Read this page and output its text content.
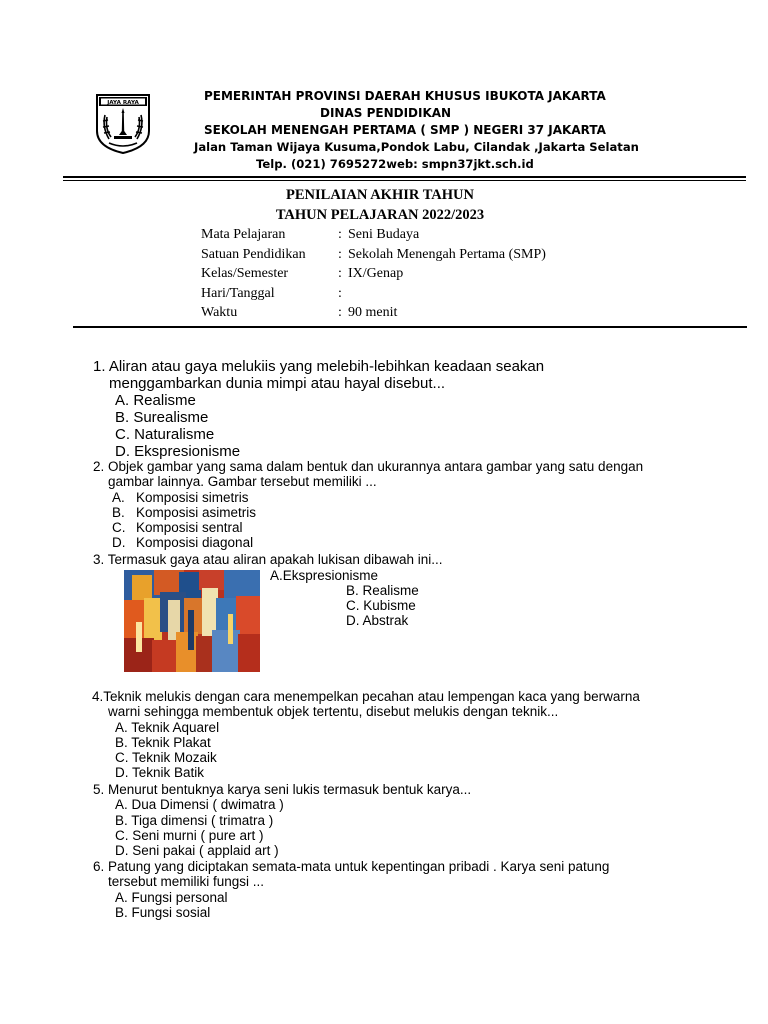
JAYA RAYA	PEMERINTAH PROVINSI DAERAH KHUSUS IBUKOTA JAKARTA
DINAS PENDIDIKAN
SEKOLAH MENENGAH PERTAMA ( SMP ) NEGERI 37 JAKARTA
Jalan Taman Wijaya Kusuma,Pondok Labu, Cilandak ,Jakarta Selatan
Telp. (021) 7695272web: smpn37jkt.sch.id
PENILAIAN AKHIR TAHUN
TAHUN PELAJARAN 2022/2023
Mata Pelajaran	: Seni Budaya
Satuan Pendidikan	: Sekolah Menengah Pertama (SMP)
Kelas/Semester	: IX/Genap
Hari/Tanggal	:
Waktu	: 90 menit
1. Aliran atau gaya melukiis yang melebih-lebihkan keadaan seakan
menggambarkan dunia mimpi atau hayal disebut...
A. Realisme
B. Surealisme
C. Naturalisme
D. Ekspresionisme
2. Objek gambar yang sama dalam bentuk dan ukurannya antara gambar yang satu dengan
gambar lainnya. Gambar tersebut memiliki ...
A. Komposisi simetris
B. Komposisi asimetris
C. Komposisi sentral
D. Komposisi diagonal
3. Termasuk gaya atau aliran apakah lukisan dibawah ini...
A.Ekspresionisme
B. Realisme
C. Kubisme
D. Abstrak
4.Teknik melukis dengan cara menempelkan pecahan atau lempengan kaca yang berwarna
warni sehingga membentuk objek tertentu, disebut melukis dengan teknik...
A. Teknik Aquarel
B. Teknik Plakat
C. Teknik Mozaik
D. Teknik Batik
5. Menurut bentuknya karya seni lukis termasuk bentuk karya...
A. Dua Dimensi ( dwimatra )
B. Tiga dimensi ( trimatra )
C. Seni murni ( pure art )
D. Seni pakai ( applaid art )
6. Patung yang diciptakan semata-mata untuk kepentingan pribadi . Karya seni patung
tersebut memiliki fungsi ...
A. Fungsi personal
B. Fungsi sosial
